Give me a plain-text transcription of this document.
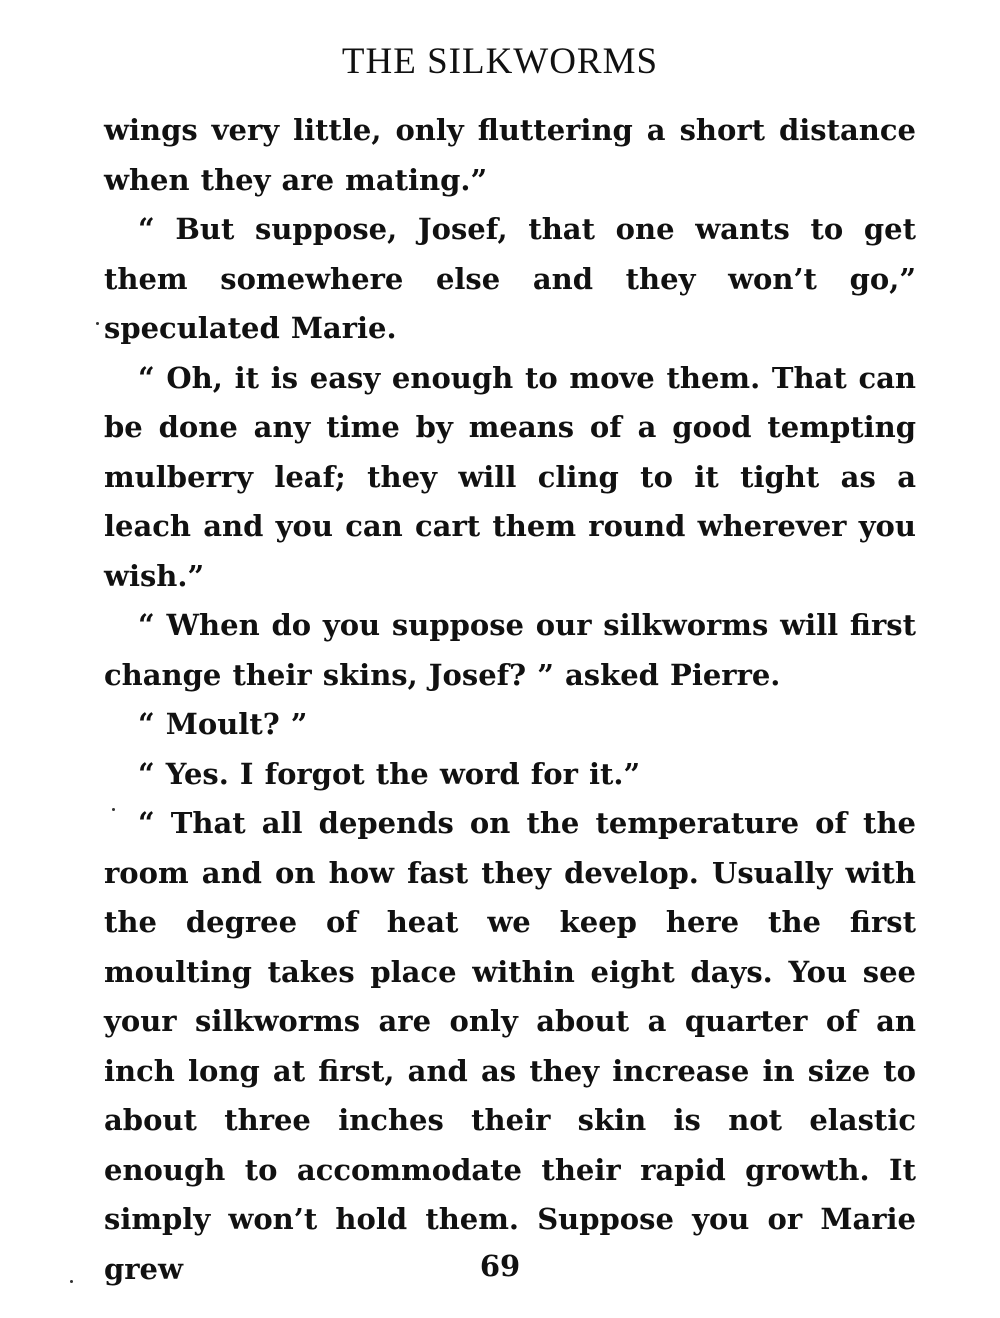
THE SILKWORMS

wings very little, only fluttering a short distance when they are mating.”

“ But suppose, Josef, that one wants to get them somewhere else and they won’t go,” speculated Marie.

“ Oh, it is easy enough to move them. That can be done any time by means of a good tempting mulberry leaf; they will cling to it tight as a leach and you can cart them round wherever you wish.”

“ When do you suppose our silkworms will first change their skins, Josef? ” asked Pierre.

“ Moult? ”

“ Yes. I forgot the word for it.”

“ That all depends on the temperature of the room and on how fast they develop. Usually with the degree of heat we keep here the first moulting takes place within eight days. You see your silkworms are only about a quarter of an inch long at first, and as they increase in size to about three inches their skin is not elastic enough to accommodate their rapid growth. It simply won’t hold them. Suppose you or Marie grew	69
